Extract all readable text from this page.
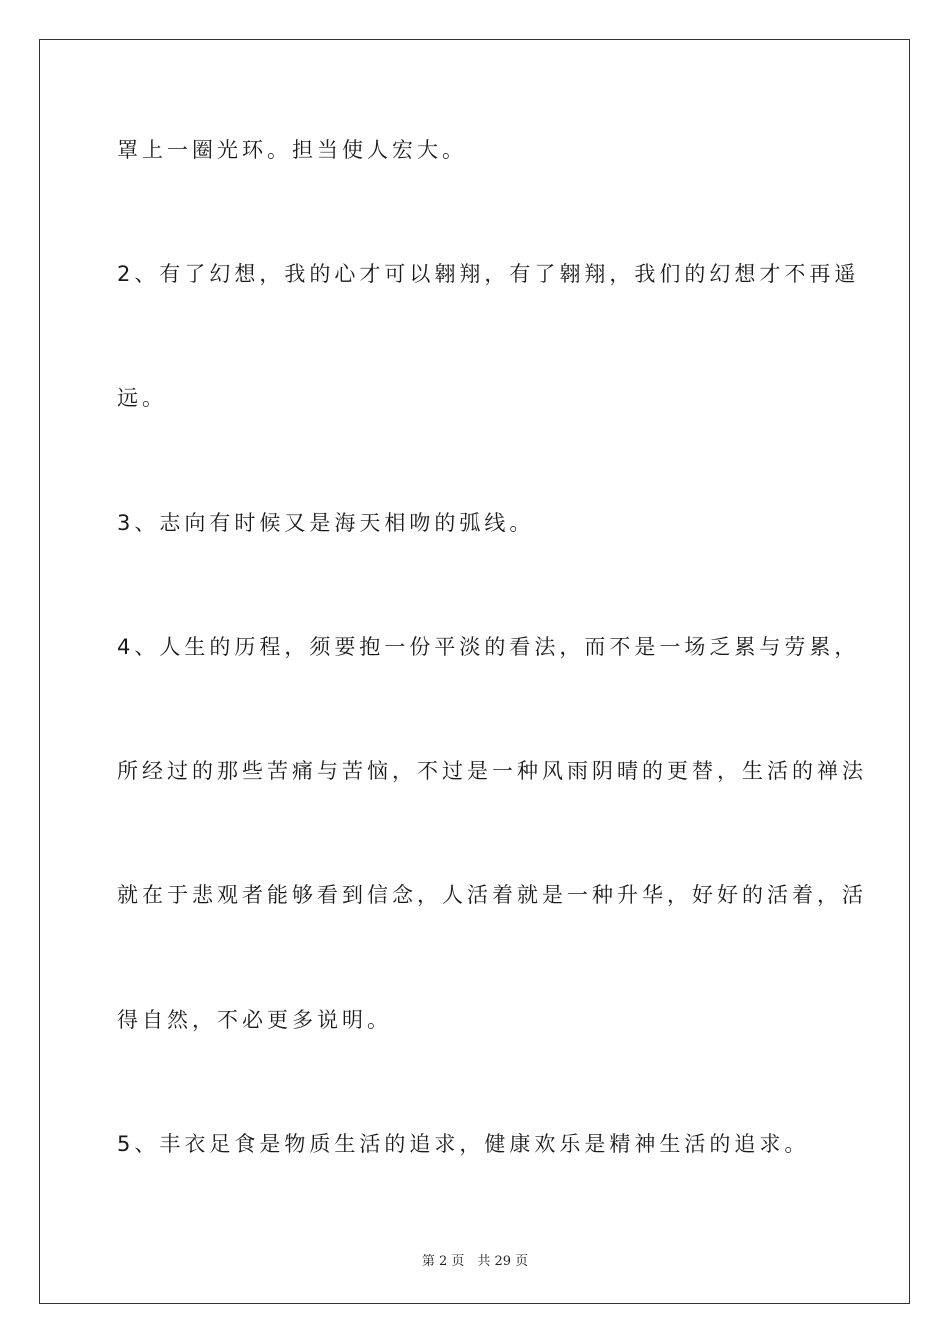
罩上一圈光环。担当使人宏大。
2、有了幻想，我的心才可以翱翔，有了翱翔，我们的幻想才不再遥
远。
3、志向有时候又是海天相吻的弧线。
4、人生的历程，须要抱一份平淡的看法，而不是一场乏累与劳累，
所经过的那些苦痛与苦恼，不过是一种风雨阴晴的更替，生活的禅法
就在于悲观者能够看到信念，人活着就是一种升华，好好的活着，活
得自然，不必更多说明。
5、丰衣足食是物质生活的追求，健康欢乐是精神生活的追求。
第 2 页　共 29 页
